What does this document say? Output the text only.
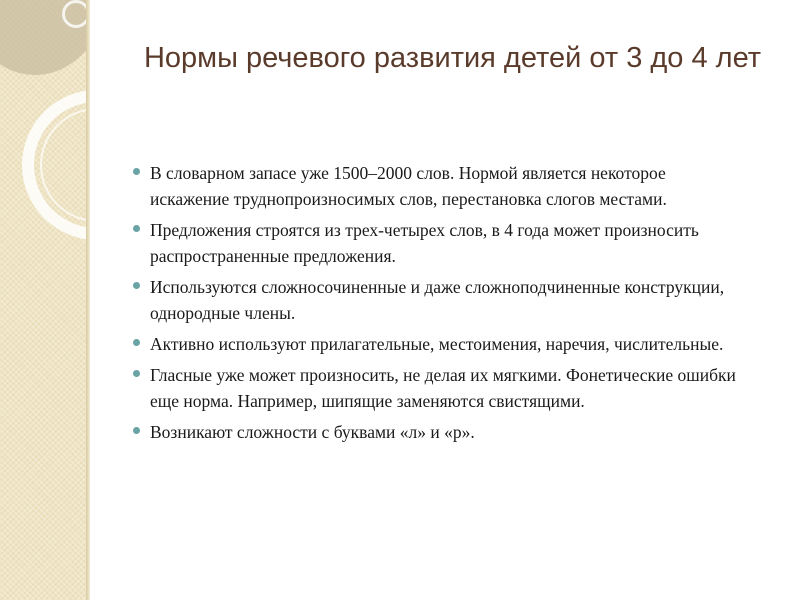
Нормы речевого развития детей от 3 до 4 лет
В словарном запасе уже 1500–2000 слов. Нормой является некоторое искажение труднопроизносимых слов, перестановка слогов местами.
Предложения строятся из трех-четырех слов, в 4 года может произносить распространенные предложения.
Используются сложносочиненные и даже сложноподчиненные конструкции, однородные члены.
Активно используют прилагательные, местоимения, наречия, числительные.
Гласные уже может произносить, не делая их мягкими. Фонетические ошибки еще норма. Например, шипящие заменяются свистящими.
Возникают сложности с буквами «л» и «р».
